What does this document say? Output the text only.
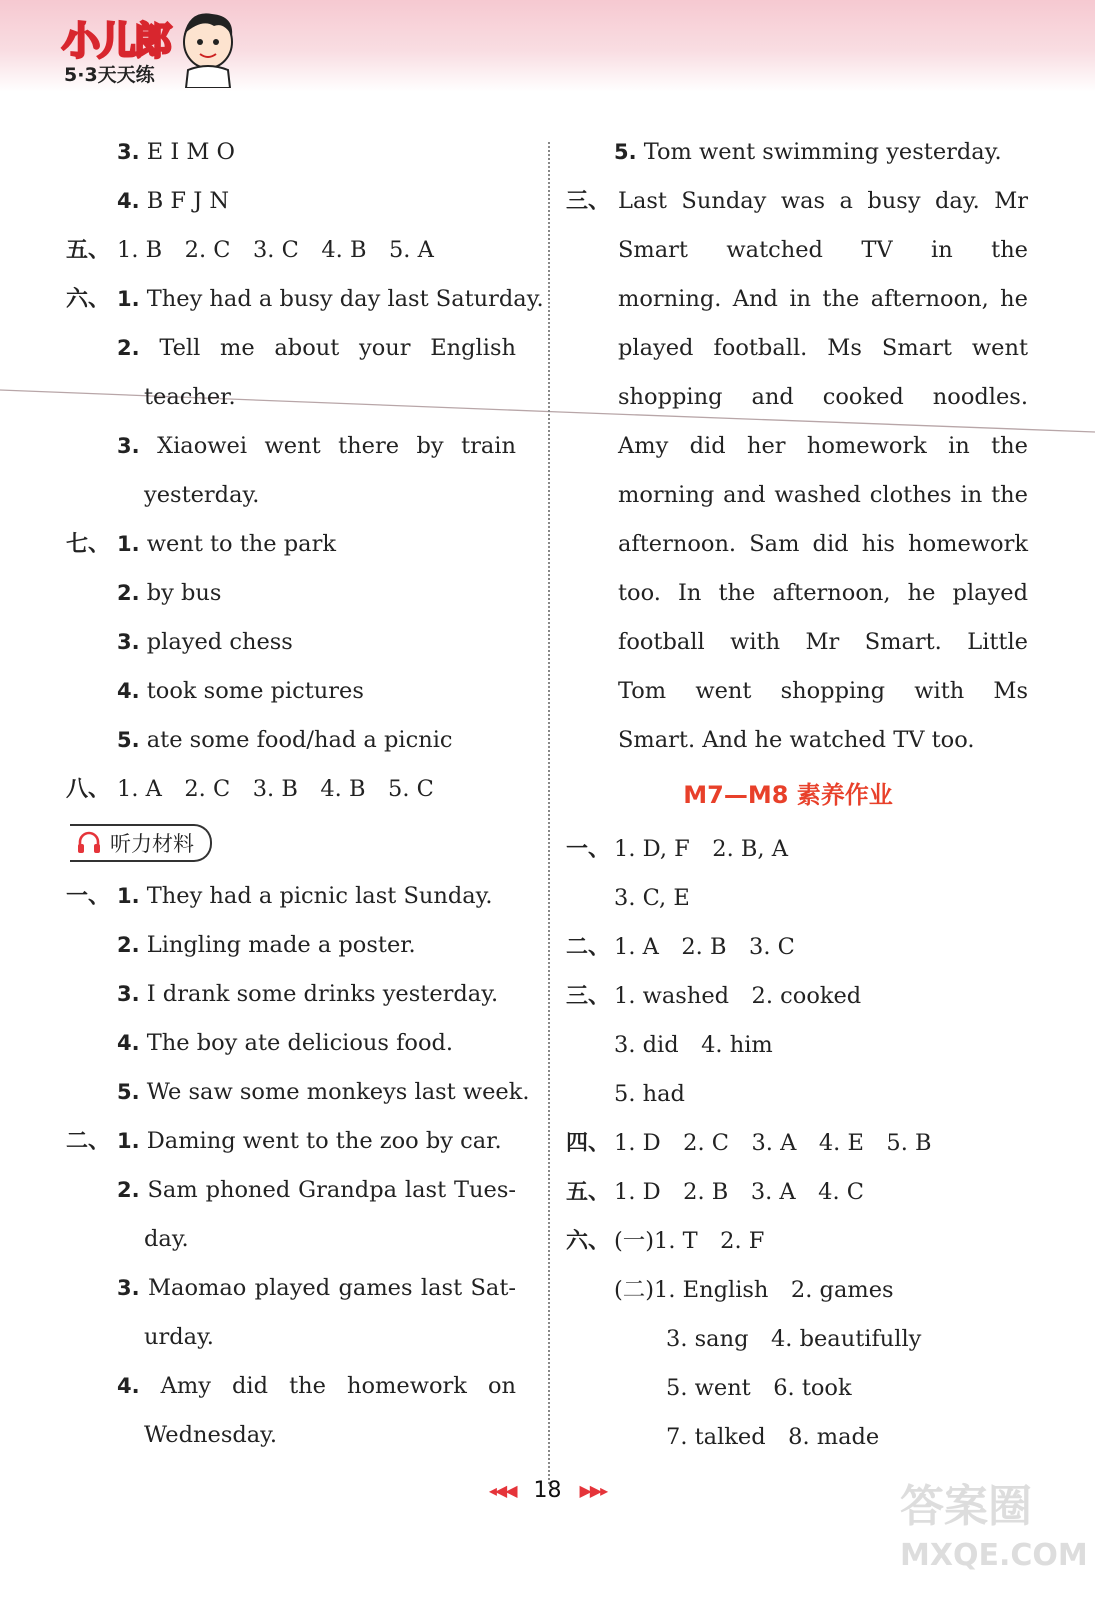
小儿郎
5·3天天练
3. E I M O
4. B F J N
五、 1. B　2. C　3. C　4. B　5. A
六、 1. They had a busy day last Saturday.
2. Tell me about your English
teacher.
3. Xiaowei went there by train
yesterday.
七、 1. went to the park
2. by bus
3. played chess
4. took some pictures
5. ate some food/had a picnic
八、 1. A　2. C　3. B　4. B　5. C
听力材料
一、 1. They had a picnic last Sunday.
2. Lingling made a poster.
3. I drank some drinks yesterday.
4. The boy ate delicious food.
5. We saw some monkeys last week.
二、 1. Daming went to the zoo by car.
2. Sam phoned Grandpa last Tues-
day.
3. Maomao played games last Sat-
urday.
4. Amy did the homework on
Wednesday.
5. Tom went swimming yesterday.
三、 Last Sunday was a busy day. Mr
Smart watched TV in the
morning. And in the afternoon, he
played football. Ms Smart went
shopping and cooked noodles.
Amy did her homework in the
morning and washed clothes in the
afternoon. Sam did his homework
too. In the afternoon, he played
football with Mr Smart. Little
Tom went shopping with Ms
Smart. And he watched TV too.
M7—M8 素养作业
一、 1. D, F　2. B, A
3. C, E
二、 1. A　2. B　3. C
三、 1. washed　2. cooked
3. did　4. him
5. had
四、 1. D　2. C　3. A　4. E　5. B
五、 1. D　2. B　3. A　4. C
六、 (一)1. T　2. F
(二)1. English　2. games
3. sang　4. beautifully
5. went　6. took
7. talked　8. made
◂◀◀ 18 ▶▶▸	答案圈
MXQE.COM
